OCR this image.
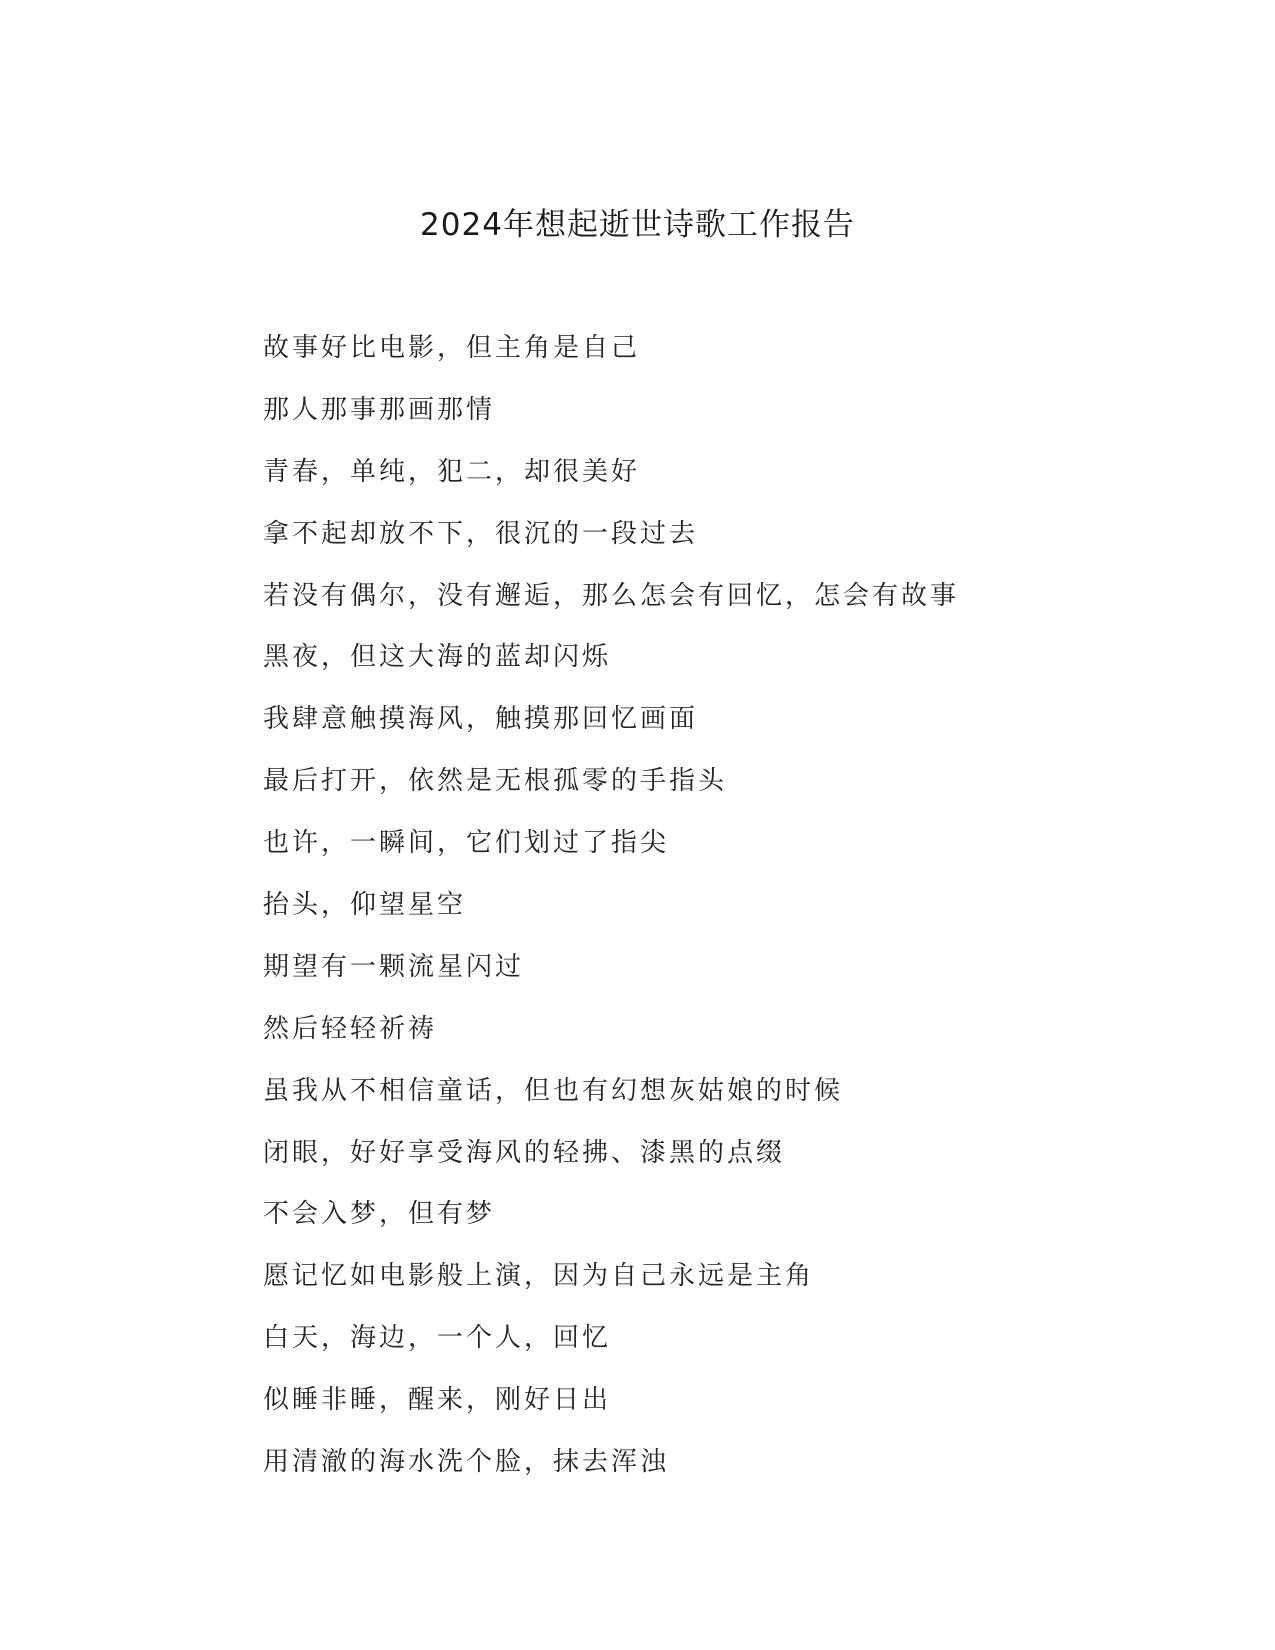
2024年想起逝世诗歌工作报告
故事好比电影，但主角是自己
那人那事那画那情
青春，单纯，犯二，却很美好
拿不起却放不下，很沉的一段过去
若没有偶尔，没有邂逅，那么怎会有回忆，怎会有故事
黑夜，但这大海的蓝却闪烁
我肆意触摸海风，触摸那回忆画面
最后打开，依然是无根孤零的手指头
也许，一瞬间，它们划过了指尖
抬头，仰望星空
期望有一颗流星闪过
然后轻轻祈祷
虽我从不相信童话，但也有幻想灰姑娘的时候
闭眼，好好享受海风的轻拂、漆黑的点缀
不会入梦，但有梦
愿记忆如电影般上演，因为自己永远是主角
白天，海边，一个人，回忆
似睡非睡，醒来，刚好日出
用清澈的海水洗个脸，抹去浑浊
